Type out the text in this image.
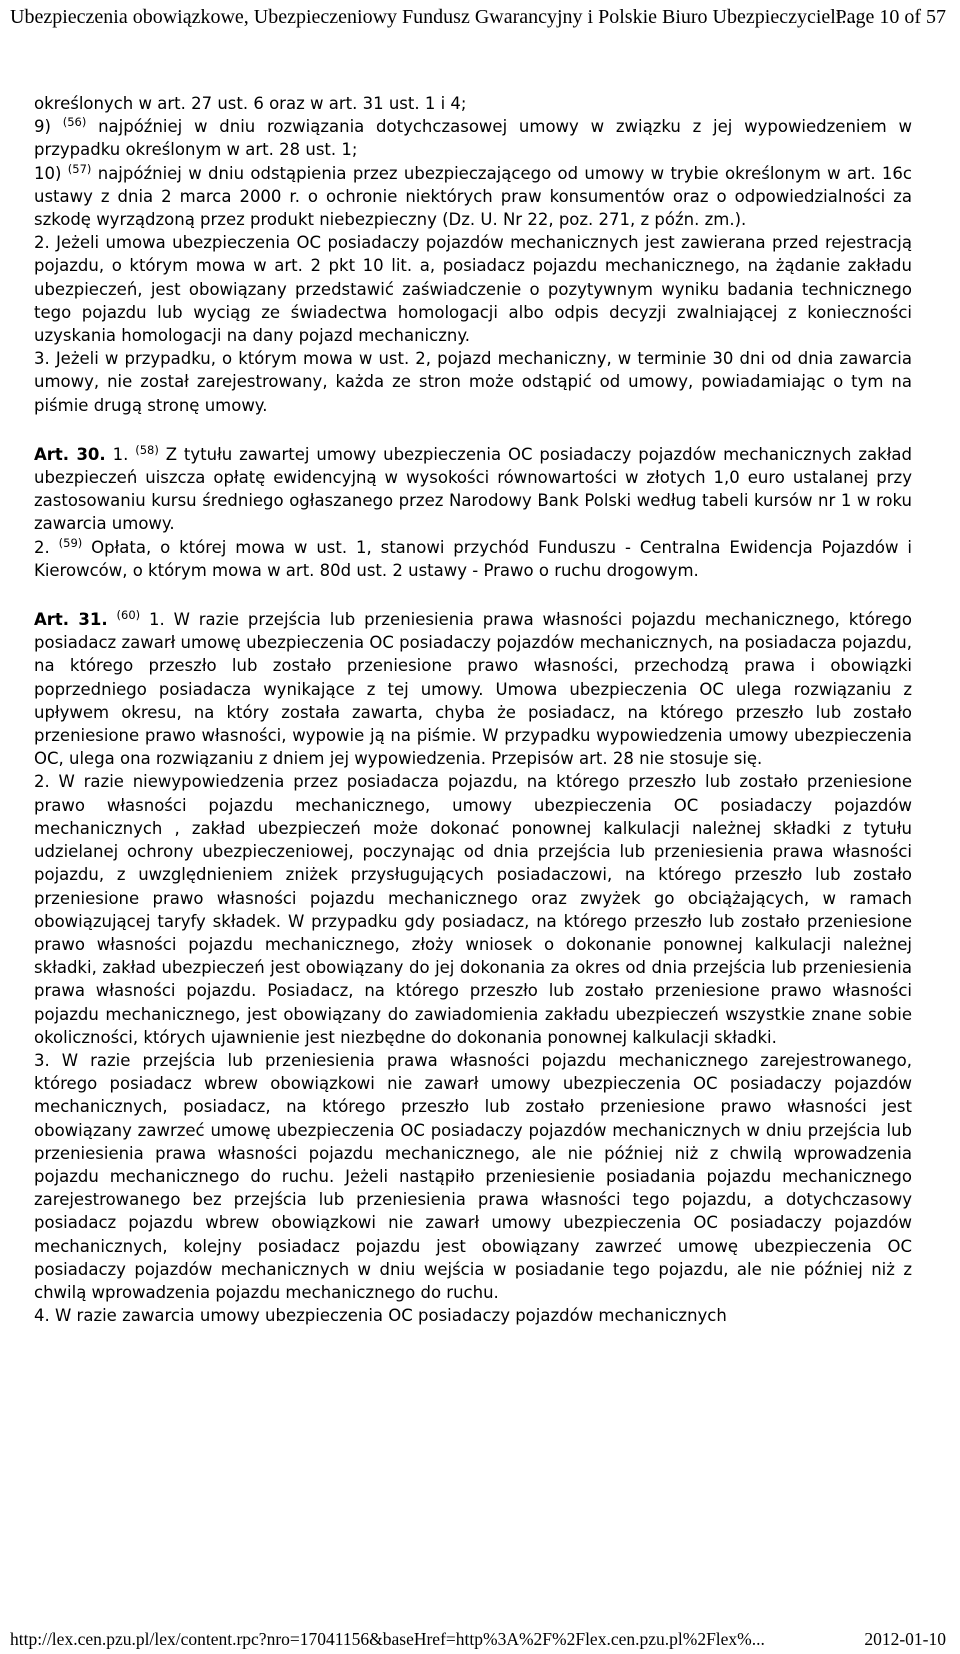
Ubezpieczenia obowiązkowe, Ubezpieczeniowy Fundusz Gwarancyjny i Polskie Biuro Ubezpieczycieli...
Page 10 of 57

określonych w art. 27 ust. 6 oraz w art. 31 ust. 1 i 4;

9) $^{(56)}$ najpóźniej w dniu rozwiązania dotychczasowej umowy w związku z jej wypowiedzeniem w przypadku określonym w art. 28 ust. 1;

10) $^{(57)}$ najpóźniej w dniu odstąpienia przez ubezpieczającego od umowy w trybie określonym w art. 16c ustawy z dnia 2 marca 2000 r. o ochronie niektórych praw konsumentów oraz o odpowiedzialności za szkodę wyrządzoną przez produkt niebezpieczny (Dz. U. Nr 22, poz. 271, z późn. zm.).

2. Jeżeli umowa ubezpieczenia OC posiadaczy pojazdów mechanicznych jest zawierana przed rejestracją pojazdu, o którym mowa w art. 2 pkt 10 lit. a, posiadacz pojazdu mechanicznego, na żądanie zakładu ubezpieczeń, jest obowiązany przedstawić zaświadczenie o pozytywnym wyniku badania technicznego tego pojazdu lub wyciąg ze świadectwa homologacji albo odpis decyzji zwalniającej z konieczności uzyskania homologacji na dany pojazd mechaniczny.

3. Jeżeli w przypadku, o którym mowa w ust. 2, pojazd mechaniczny, w terminie 30 dni od dnia zawarcia umowy, nie został zarejestrowany, każda ze stron może odstąpić od umowy, powiadamiając o tym na piśmie drugą stronę umowy.

Art. 30. 1. $^{(58)}$ Z tytułu zawartej umowy ubezpieczenia OC posiadaczy pojazdów mechanicznych zakład ubezpieczeń uiszcza opłatę ewidencyjną w wysokości równowartości w złotych 1,0 euro ustalanej przy zastosowaniu kursu średniego ogłaszanego przez Narodowy Bank Polski według tabeli kursów nr 1 w roku zawarcia umowy.

2. $^{(59)}$ Opłata, o której mowa w ust. 1, stanowi przychód Funduszu - Centralna Ewidencja Pojazdów i Kierowców, o którym mowa w art. 80d ust. 2 ustawy - Prawo o ruchu drogowym.

Art. 31. $^{(60)}$ 1. W razie przejścia lub przeniesienia prawa własności pojazdu mechanicznego, którego posiadacz zawarł umowę ubezpieczenia OC posiadaczy pojazdów mechanicznych, na posiadacza pojazdu, na którego przeszło lub zostało przeniesione prawo własności, przechodzą prawa i obowiązki poprzedniego posiadacza wynikające z tej umowy. Umowa ubezpieczenia OC ulega rozwiązaniu z upływem okresu, na który została zawarta, chyba że posiadacz, na którego przeszło lub zostało przeniesione prawo własności, wypowie ją na piśmie. W przypadku wypowiedzenia umowy ubezpieczenia OC, ulega ona rozwiązaniu z dniem jej wypowiedzenia. Przepisów art. 28 nie stosuje się.

2. W razie niewypowiedzenia przez posiadacza pojazdu, na którego przeszło lub zostało przeniesione prawo własności pojazdu mechanicznego, umowy ubezpieczenia OC posiadaczy pojazdów mechanicznych , zakład ubezpieczeń może dokonać ponownej kalkulacji należnej składki z tytułu udzielanej ochrony ubezpieczeniowej, poczynając od dnia przejścia lub przeniesienia prawa własności pojazdu, z uwzględnieniem zniżek przysługujących posiadaczowi, na którego przeszło lub zostało przeniesione prawo własności pojazdu mechanicznego oraz zwyżek go obciążających, w ramach obowiązującej taryfy składek. W przypadku gdy posiadacz, na którego przeszło lub zostało przeniesione prawo własności pojazdu mechanicznego, złoży wniosek o dokonanie ponownej kalkulacji należnej składki, zakład ubezpieczeń jest obowiązany do jej dokonania za okres od dnia przejścia lub przeniesienia prawa własności pojazdu. Posiadacz, na którego przeszło lub zostało przeniesione prawo własności pojazdu mechanicznego, jest obowiązany do zawiadomienia zakładu ubezpieczeń wszystkie znane sobie okoliczności, których ujawnienie jest niezbędne do dokonania ponownej kalkulacji składki.

3. W razie przejścia lub przeniesienia prawa własności pojazdu mechanicznego zarejestrowanego, którego posiadacz wbrew obowiązkowi nie zawarł umowy ubezpieczenia OC posiadaczy pojazdów mechanicznych, posiadacz, na którego przeszło lub zostało przeniesione prawo własności jest obowiązany zawrzeć umowę ubezpieczenia OC posiadaczy pojazdów mechanicznych w dniu przejścia lub przeniesienia prawa własności pojazdu mechanicznego, ale nie później niż z chwilą wprowadzenia pojazdu mechanicznego do ruchu. Jeżeli nastąpiło przeniesienie posiadania pojazdu mechanicznego zarejestrowanego bez przejścia lub przeniesienia prawa własności tego pojazdu, a dotychczasowy posiadacz pojazdu wbrew obowiązkowi nie zawarł umowy ubezpieczenia OC posiadaczy pojazdów mechanicznych, kolejny posiadacz pojazdu jest obowiązany zawrzeć umowę ubezpieczenia OC posiadaczy pojazdów mechanicznych w dniu wejścia w posiadanie tego pojazdu, ale nie później niż z chwilą wprowadzenia pojazdu mechanicznego do ruchu.

4. W razie zawarcia umowy ubezpieczenia OC posiadaczy pojazdów mechanicznych

http://lex.cen.pzu.pl/lex/content.rpc?nro=17041156&baseHref=http%3A%2F%2Flex.cen.pzu.pl%2Flex%...	2012-01-10
